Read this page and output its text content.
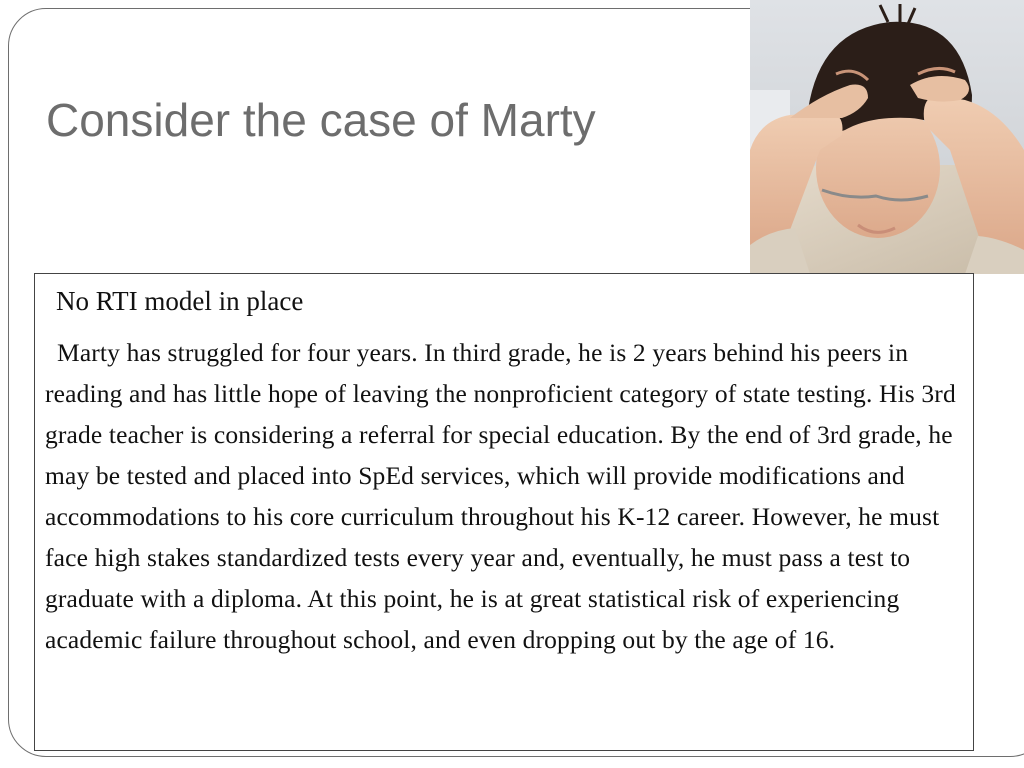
Consider the case of Marty

No RTI model in place

Marty has struggled for four years. In third grade, he is 2 years behind his peers in reading and has little hope of leaving the nonproficient category of state testing. His 3rd grade teacher is considering a referral for special education. By the end of 3rd grade, he may be tested and placed into SpEd services, which will provide modifications and accommodations to his core curriculum throughout his K-12 career. However, he must face high stakes standardized tests every year and, eventually, he must pass a test to graduate with a diploma. At this point, he is at great statistical risk of experiencing academic failure throughout school, and even dropping out by the age of 16.
